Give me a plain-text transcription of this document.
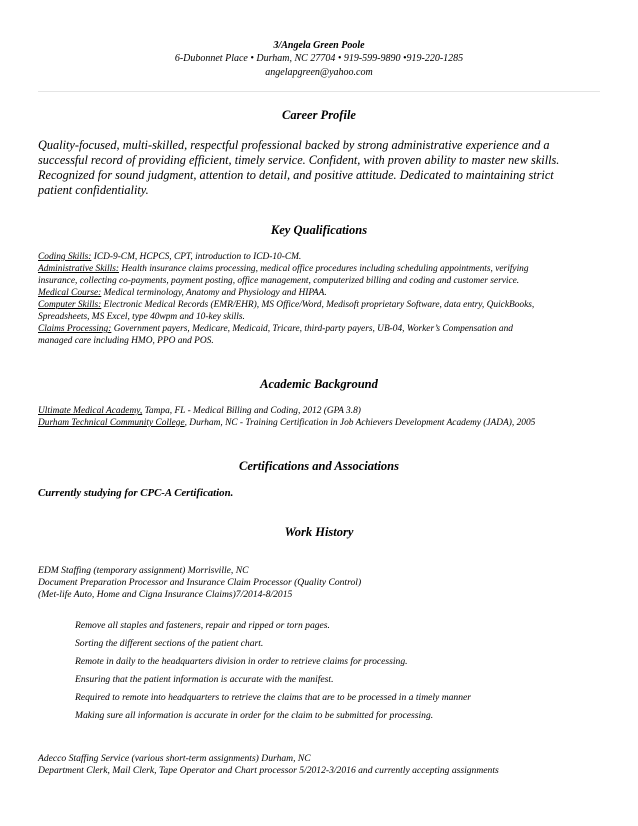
3/Angela Green Poole
6-Dubonnet Place • Durham, NC 27704 • 919-599-9890 •919-220-1285
angelapgreen@yahoo.com
Career Profile
Quality-focused, multi-skilled, respectful professional backed by strong administrative experience and a
successful record of providing efficient, timely service. Confident, with proven ability to master new skills.
Recognized for sound judgment, attention to detail, and positive attitude. Dedicated to maintaining strict
patient confidentiality.
Key Qualifications
Coding Skills: ICD-9-CM, HCPCS, CPT, introduction to ICD-10-CM.
Administrative Skills: Health insurance claims processing, medical office procedures including scheduling appointments, verifying
insurance, collecting co-payments, payment posting, office management, computerized billing and coding and customer service.
Medical Course: Medical terminology, Anatomy and Physiology and HIPAA.
Computer Skills: Electronic Medical Records (EMR/EHR), MS Office/Word, Medisoft proprietary Software, data entry, QuickBooks,
Spreadsheets, MS Excel, type 40wpm and 10-key skills.
Claims Processing: Government payers, Medicare, Medicaid, Tricare, third-party payers, UB-04, Worker’s Compensation and
managed care including HMO, PPO and POS.
Academic Background
Ultimate Medical Academy, Tampa, FL - Medical Billing and Coding, 2012 (GPA 3.8)
Durham Technical Community College, Durham, NC - Training Certification in Job Achievers Development Academy (JADA), 2005
Certifications and Associations
Currently studying for CPC-A Certification.
Work History
EDM Staffing (temporary assignment) Morrisville, NC
Document Preparation Processor and Insurance Claim Processor (Quality Control)
(Met-life Auto, Home and Cigna Insurance Claims)7/2014-8/2015
Remove all staples and fasteners, repair and ripped or torn pages.
Sorting the different sections of the patient chart.
Remote in daily to the headquarters division in order to retrieve claims for processing.
Ensuring that the patient information is accurate with the manifest.
Required to remote into headquarters to retrieve the claims that are to be processed in a timely manner
Making sure all information is accurate in order for the claim to be submitted for processing.
Adecco Staffing Service (various short-term assignments) Durham, NC
Department Clerk, Mail Clerk, Tape Operator and Chart processor 5/2012-3/2016 and currently accepting assignments
